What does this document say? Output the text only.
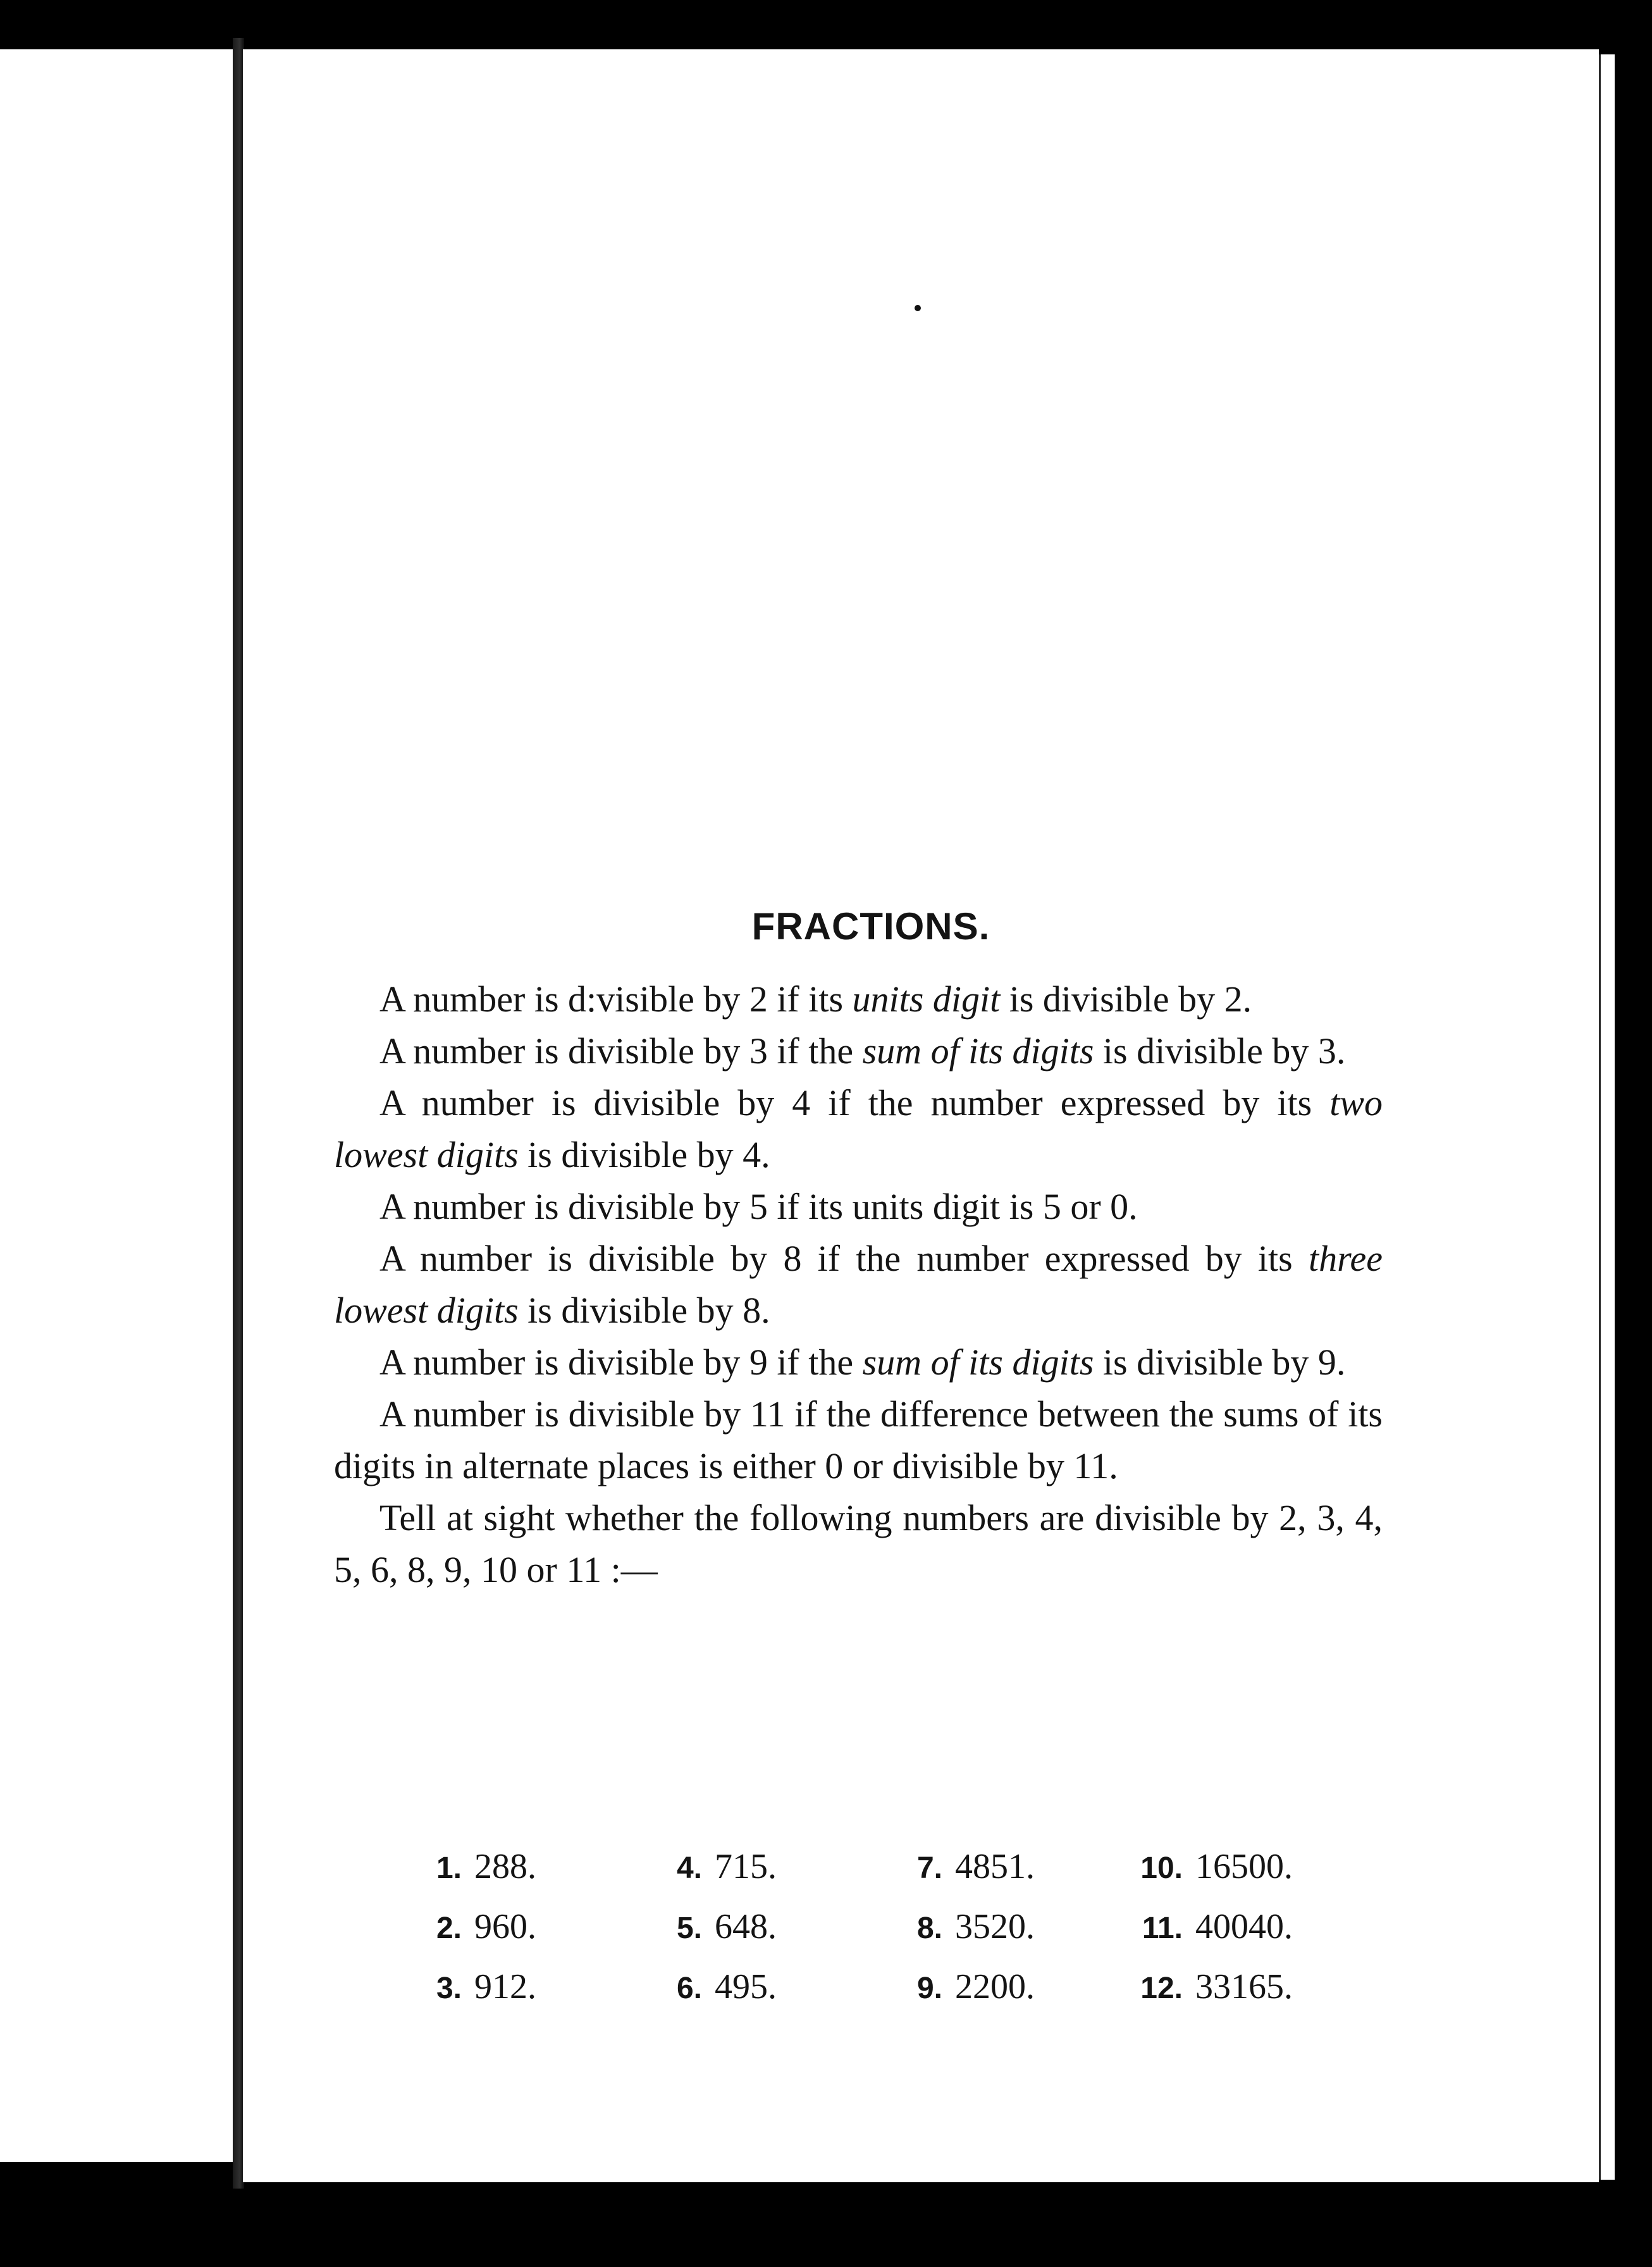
FRACTIONS.

A number is d:visible by 2 if its units digit is divisible by 2.

A number is divisible by 3 if the sum of its digits is divisible by 3.

A number is divisible by 4 if the number expressed by its two lowest digits is divisible by 4.

A number is divisible by 5 if its units digit is 5 or 0.

A number is divisible by 8 if the number expressed by its three lowest digits is divisible by 8.

A number is divisible by 9 if the sum of its digits is divisible by 9.

A number is divisible by 11 if the difference between the sums of its digits in alternate places is either 0 or divisible by 11.

Tell at sight whether the following numbers are divisible by 2, 3, 4, 5, 6, 8, 9, 10 or 11 :—

1. 288.	4. 715.	7. 4851.	10. 16500.
2. 960.	5. 648.	8. 3520.	11. 40040.
3. 912.	6. 495.	9. 2200.	12. 33165.
